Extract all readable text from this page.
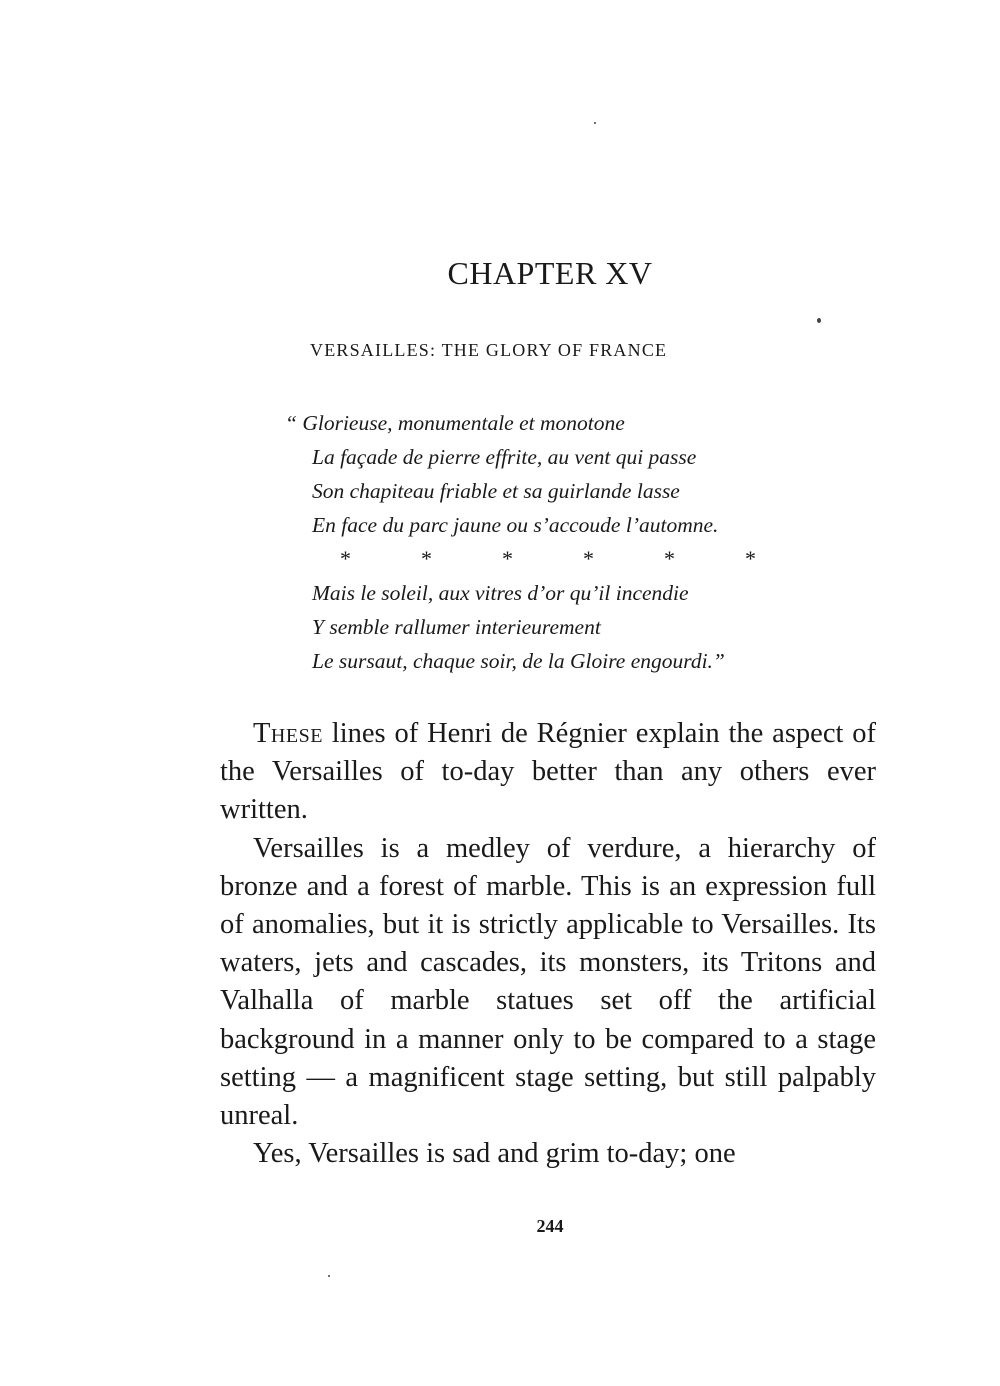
CHAPTER XV
VERSAILLES: THE GLORY OF FRANCE
“ Glorieuse, monumentale et monotone
La façade de pierre effrite, au vent qui passe
Son chapiteau friable et sa guirlande lasse
En face du parc jaune ou s’accoude l’automne.
*	*	*	*	*	*
Mais le soleil, aux vitres d’or qu’il incendie
Y semble rallumer interieurement
Le sursaut, chaque soir, de la Gloire engourdi.”

These lines of Henri de Régnier explain the aspect of the Versailles of to-day better than any others ever written.

Versailles is a medley of verdure, a hierarchy of bronze and a forest of marble. This is an expression full of anomalies, but it is strictly applicable to Versailles. Its waters, jets and cascades, its monsters, its Tritons and Valhalla of marble statues set off the artificial background in a manner only to be compared to a stage setting — a magnificent stage setting, but still palpably unreal.

Yes, Versailles is sad and grim to-day; one

244
